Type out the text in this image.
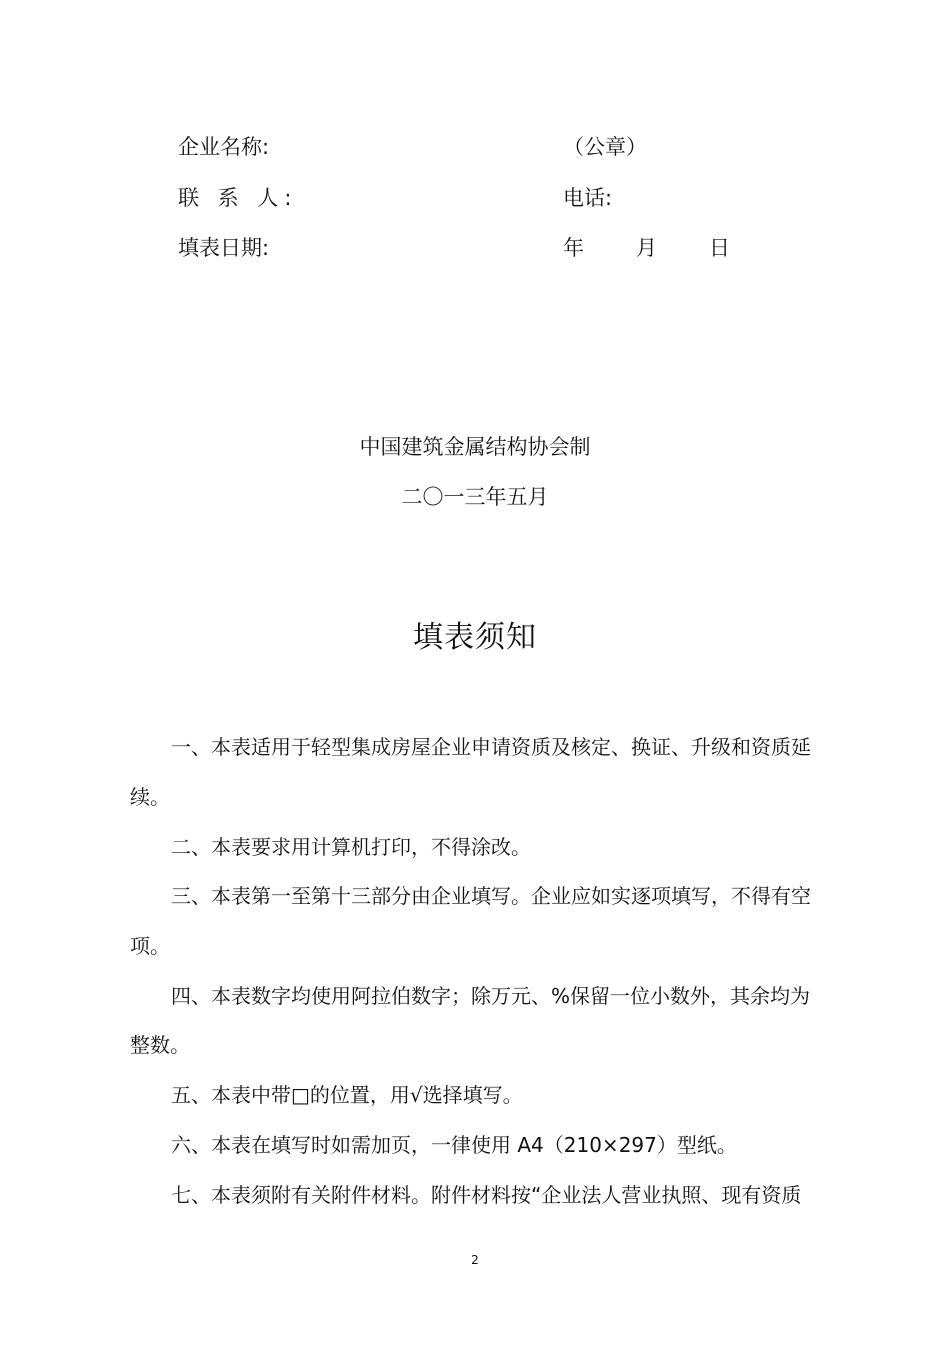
企业名称:	（公章）
联 系 人:	电话:
填表日期:	年 月 日
中国建筑金属结构协会制
二〇一三年五月
填表须知
一、本表适用于轻型集成房屋企业申请资质及核定、换证、升级和资质延
续。
二、本表要求用计算机打印，不得涂改。
三、本表第一至第十三部分由企业填写。企业应如实逐项填写，不得有空
项。
四、本表数字均使用阿拉伯数字；除万元、%保留一位小数外，其余均为
整数。
五、本表中带□的位置，用√选择填写。
六、本表在填写时如需加页，一律使用 A4（210×297）型纸。
七、本表须附有关附件材料。附件材料按“企业法人营业执照、现有资质
2
